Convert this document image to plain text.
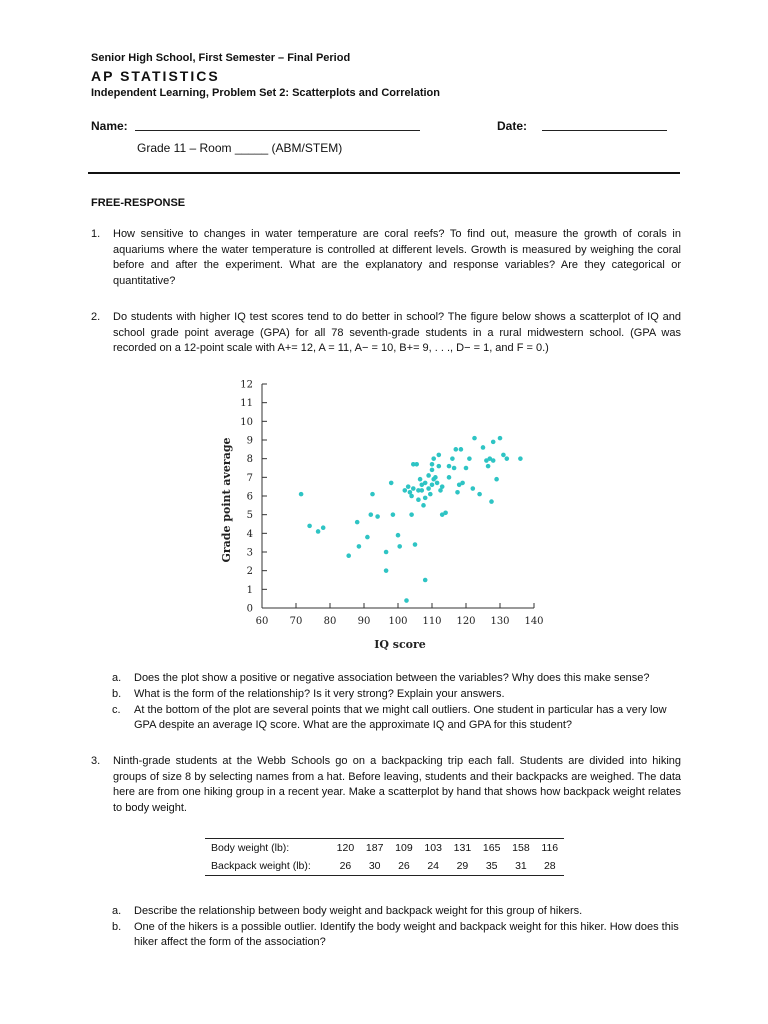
Senior High School, First Semester – Final Period
AP STATISTICS
Independent Learning, Problem Set 2: Scatterplots and Correlation
Name:	Date:
Grade 11 – Room _____ (ABM/STEM)
FREE-RESPONSE
1. How sensitive to changes in water temperature are coral reefs? To find out, measure the growth of corals in aquariums where the water temperature is controlled at different levels. Growth is measured by weighing the coral before and after the experiment. What are the explanatory and response variables? Are they categorical or quantitative?
2. Do students with higher IQ test scores tend to do better in school? The figure below shows a scatterplot of IQ and school grade point average (GPA) for all 78 seventh-grade students in a rural midwestern school. (GPA was recorded on a 12-point scale with A+= 12, A = 11, A− = 10, B+= 9, . . ., D− = 1, and F = 0.)
0
1
2
3
4
5
6
7
8
9
10
11
12
60 70 80 90 100 110 120 130 140
IQ score
Grade point average
a. Does the plot show a positive or negative association between the variables? Why does this make sense?
b. What is the form of the relationship? Is it very strong? Explain your answers.
c. At the bottom of the plot are several points that we might call outliers. One student in particular has a very low GPA despite an average IQ score. What are the approximate IQ and GPA for this student?
3. Ninth-grade students at the Webb Schools go on a backpacking trip each fall. Students are divided into hiking groups of size 8 by selecting names from a hat. Before leaving, students and their backpacks are weighed. The data here are from one hiking group in a recent year. Make a scatterplot by hand that shows how backpack weight relates to body weight.
Body weight (lb):	120	187	109	103	131	165	158	116
Backpack weight (lb):	26	30	26	24	29	35	31	28
a. Describe the relationship between body weight and backpack weight for this group of hikers.
b. One of the hikers is a possible outlier. Identify the body weight and backpack weight for this hiker. How does this hiker affect the form of the association?
